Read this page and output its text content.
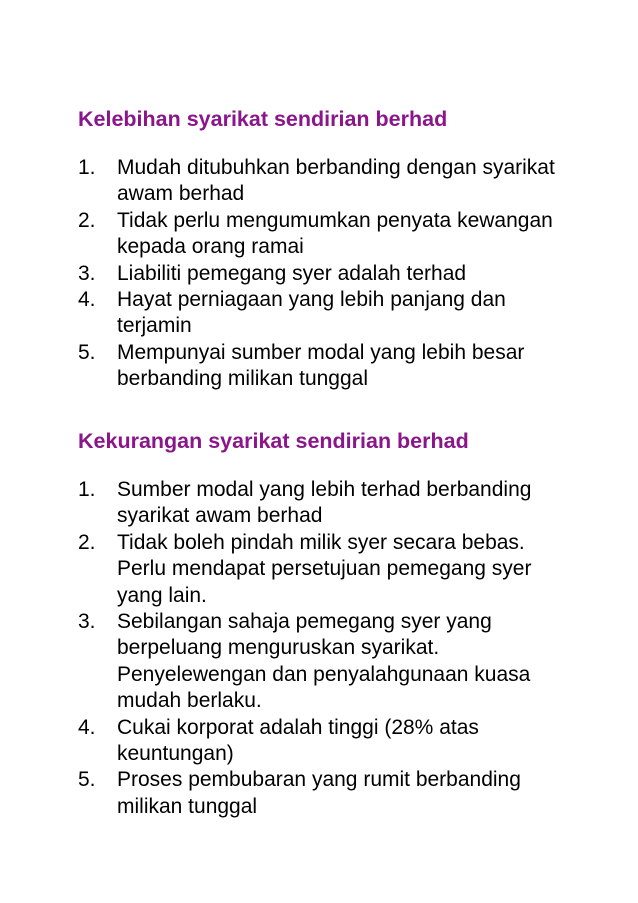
Kelebihan syarikat sendirian berhad
1.	Mudah ditubuhkan berbanding dengan syarikat awam berhad
2.	Tidak perlu mengumumkan penyata kewangan kepada orang ramai
3.	Liabiliti pemegang syer adalah terhad
4.	Hayat perniagaan yang lebih panjang dan terjamin
5.	Mempunyai sumber modal yang lebih besar berbanding milikan tunggal
Kekurangan syarikat sendirian berhad
1.	Sumber modal yang lebih terhad berbanding syarikat awam berhad
2.	Tidak boleh pindah milik syer secara bebas. Perlu mendapat persetujuan pemegang syer yang lain.
3.	Sebilangan sahaja pemegang syer yang berpeluang menguruskan syarikat. Penyelewengan dan penyalahgunaan kuasa mudah berlaku.
4.	Cukai korporat adalah tinggi (28% atas keuntungan)
5.	Proses pembubaran yang rumit berbanding milikan tunggal
